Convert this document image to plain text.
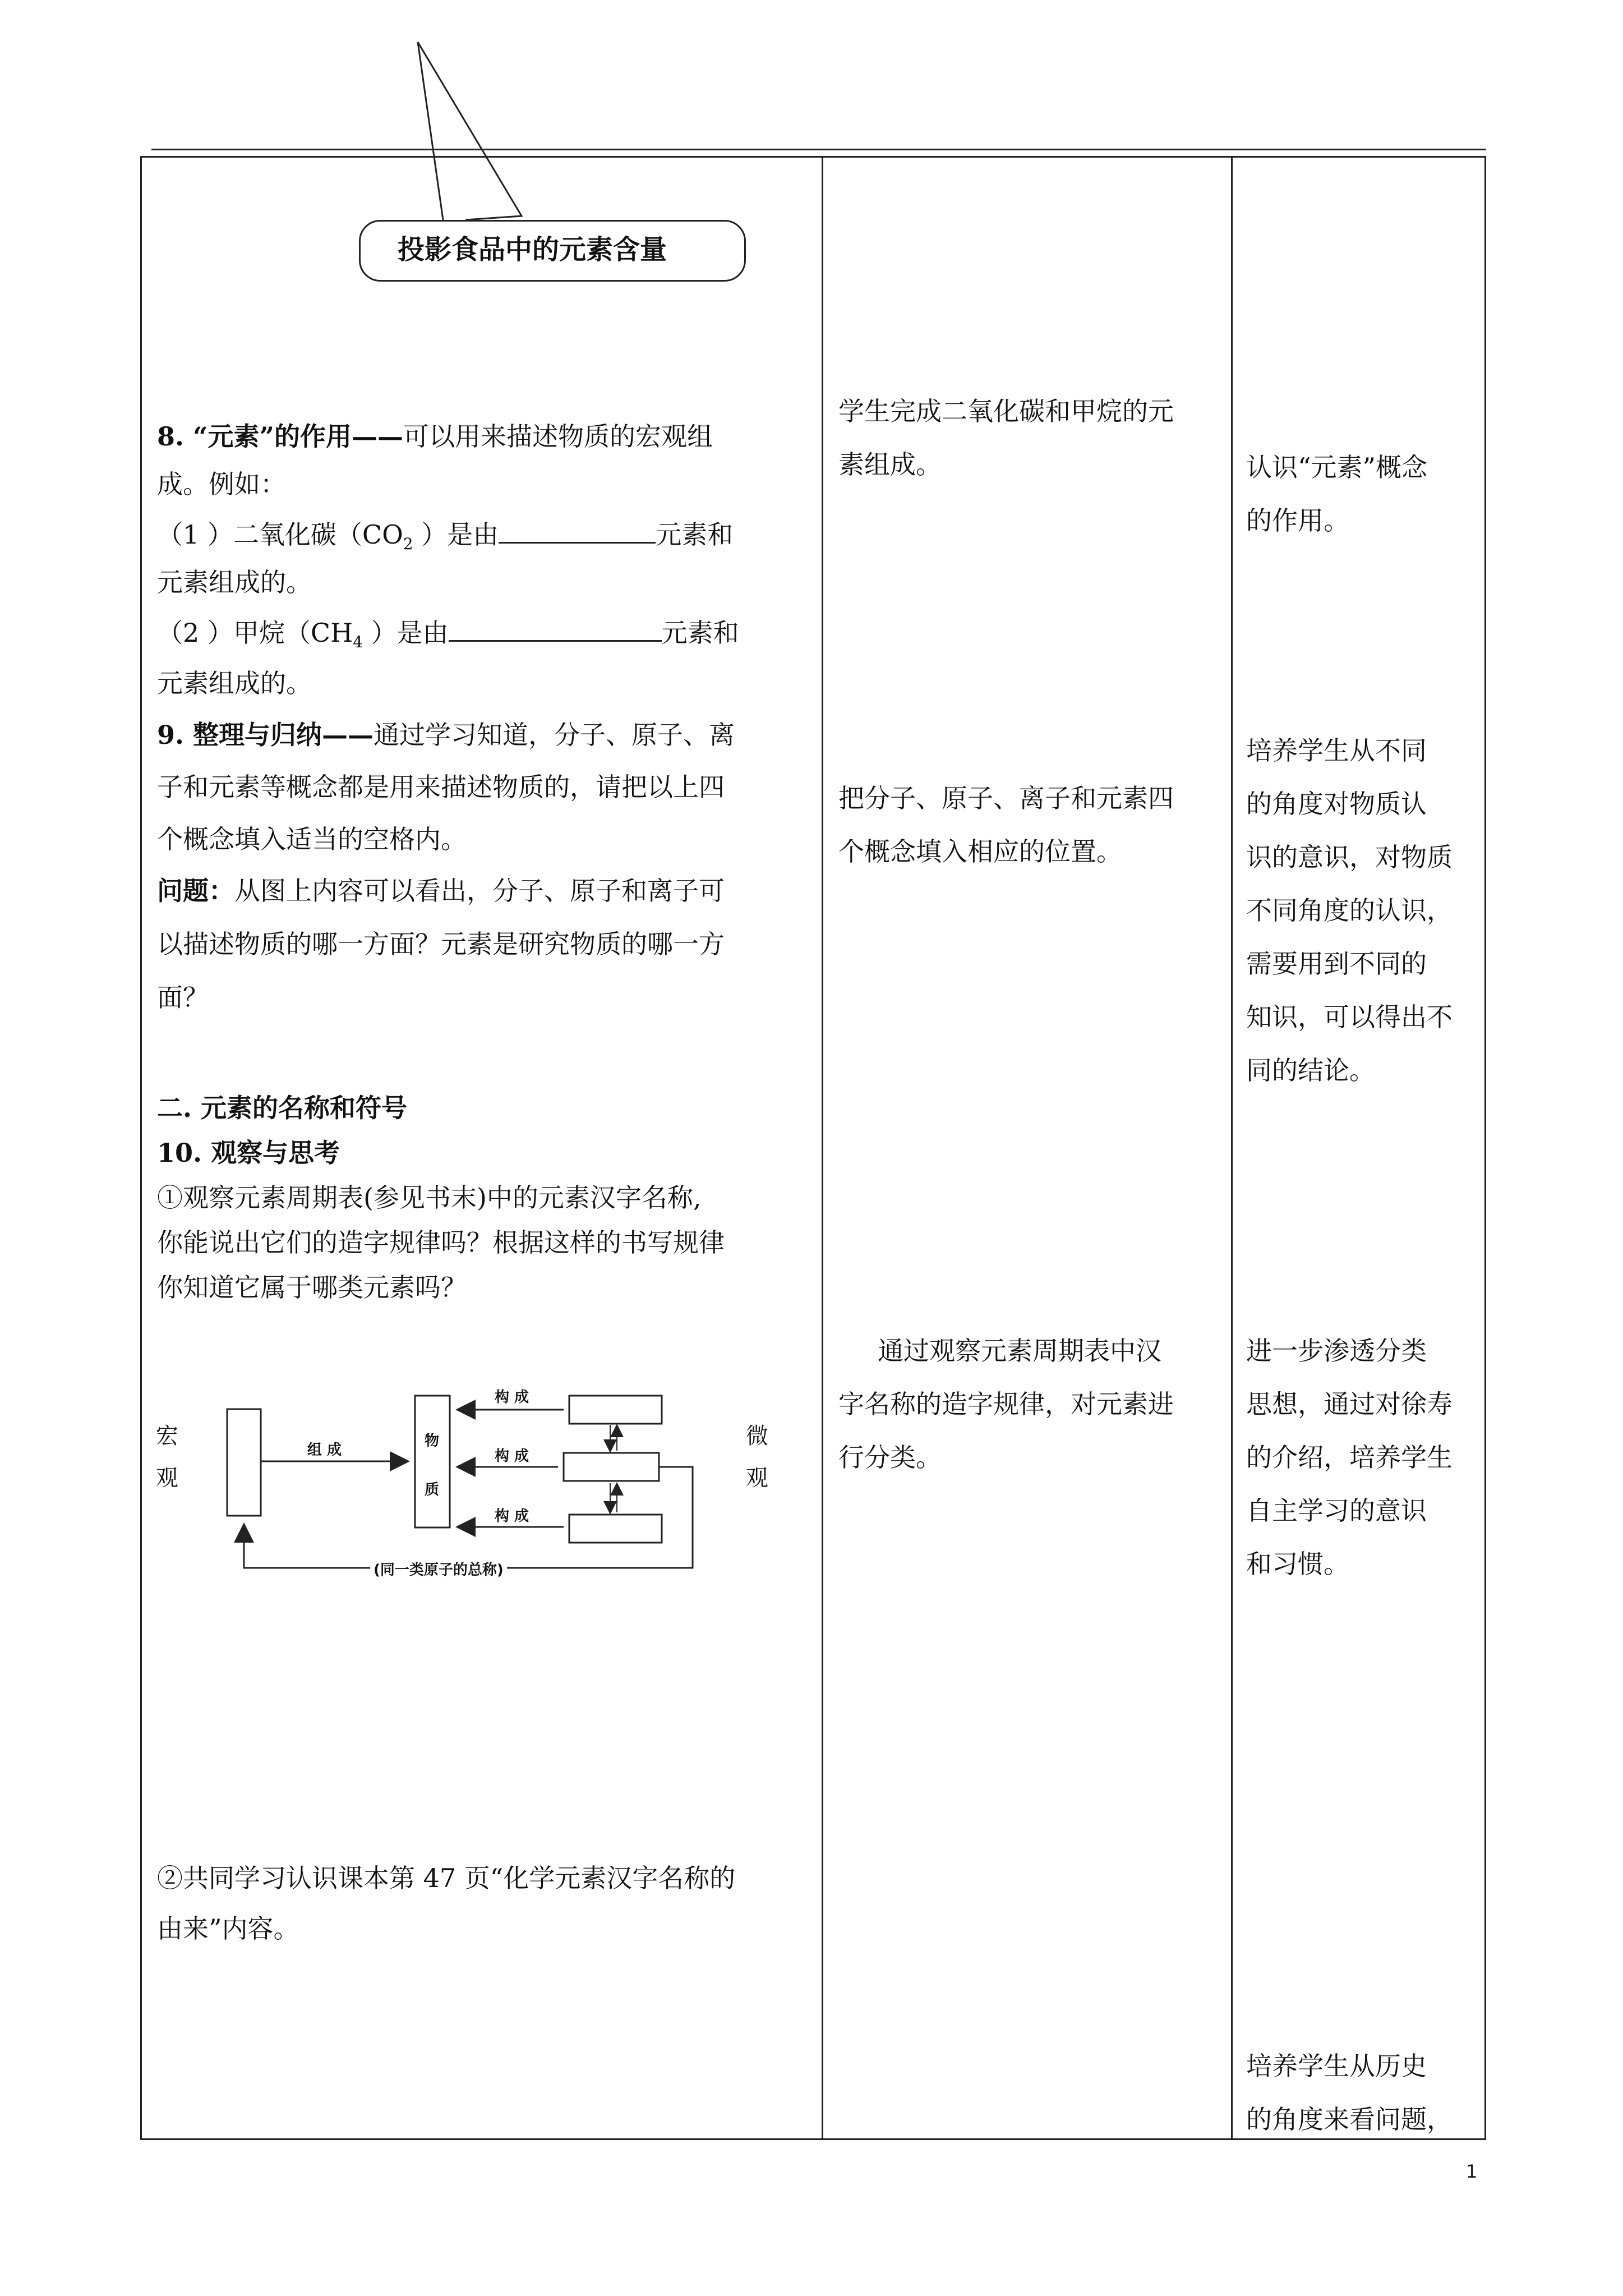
投影食品中的元素含量
8. “元素”的作用——可以用来描述物质的宏观组
成。例如：
（1 ）二氧化碳（$CO_2$ ）是由	元素和
元素组成的。
（2 ）甲烷（$CH_4$ ）是由	元素和
元素组成的。
9. 整理与归纳——通过学习知道，分子、原子、离
子和元素等概念都是用来描述物质的，请把以上四
个概念填入适当的空格内。
问题：从图上内容可以看出，分子、原子和离子可
以描述物质的哪一方面？元素是研究物质的哪一方
面？
二. 元素的名称和符号
10. 观察与思考
①观察元素周期表(参见书末)中的元素汉字名称,
你能说出它们的造字规律吗？根据这样的书写规律
你知道它属于哪类元素吗？
宏
观
微
观
组 成
物
质
构 成
构 成
构 成
(同一类原子的总称)
②共同学习认识课本第 47 页“化学元素汉字名称的
由来”内容。
学生完成二氧化碳和甲烷的元
素组成。
把分子、原子、离子和元素四
个概念填入相应的位置。
通过观察元素周期表中汉
字名称的造字规律，对元素进
行分类。
认识“元素”概念
的作用。
培养学生从不同
的角度对物质认
识的意识，对物质
不同角度的认识，
需要用到不同的
知识，可以得出不
同的结论。
进一步渗透分类
思想，通过对徐寿
的介绍，培养学生
自主学习的意识
和习惯。
培养学生从历史
的角度来看问题，
1
